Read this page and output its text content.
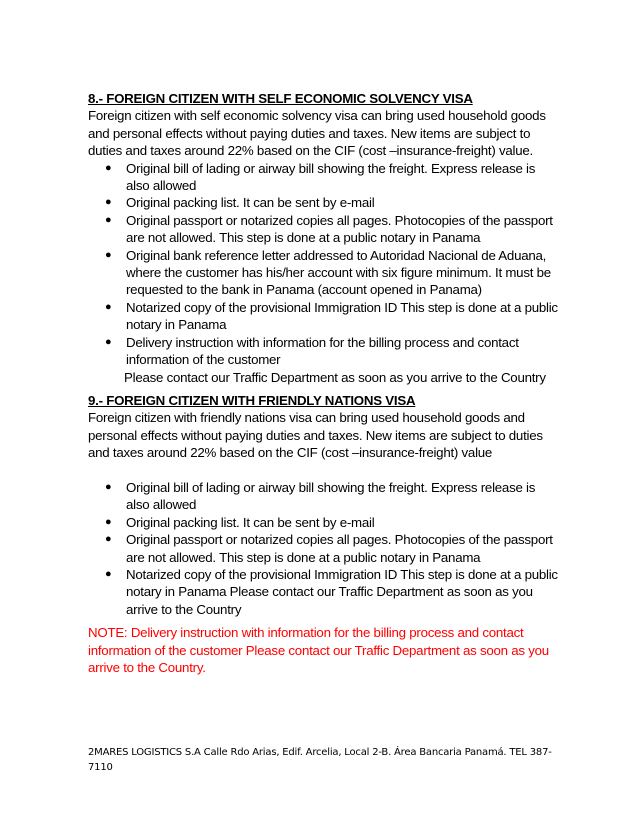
8.- FOREIGN CITIZEN WITH SELF ECONOMIC SOLVENCY VISA

Foreign citizen with self economic solvency visa can bring used household goods and personal effects without paying duties and taxes. New items are subject to duties and taxes around 22% based on the CIF (cost –insurance-freight) value.

● Original bill of lading or airway bill showing the freight. Express release is also allowed
● Original packing list. It can be sent by e-mail
● Original passport or notarized copies all pages. Photocopies of the passport are not allowed. This step is done at a public notary in Panama
● Original bank reference letter addressed to Autoridad Nacional de Aduana, where the customer has his/her account with six figure minimum. It must be requested to the bank in Panama (account opened in Panama)
● Notarized copy of the provisional Immigration ID This step is done at a public notary in Panama
● Delivery instruction with information for the billing process and contact information of the customer

Please contact our Traffic Department as soon as you arrive to the Country

9.- FOREIGN CITIZEN WITH FRIENDLY NATIONS VISA

Foreign citizen with friendly nations visa can bring used household goods and personal effects without paying duties and taxes. New items are subject to duties and taxes around 22% based on the CIF (cost –insurance-freight) value

● Original bill of lading or airway bill showing the freight. Express release is also allowed
● Original packing list. It can be sent by e-mail
● Original passport or notarized copies all pages. Photocopies of the passport are not allowed. This step is done at a public notary in Panama
● Notarized copy of the provisional Immigration ID This step is done at a public notary in Panama Please contact our Traffic Department as soon as you arrive to the Country

NOTE: Delivery instruction with information for the billing process and contact information of the customer Please contact our Traffic Department as soon as you arrive to the Country.

2MARES LOGISTICS S.A Calle Rdo Arias, Edif. Arcelia, Local 2-B. Área Bancaria Panamá. TEL 387-7110
